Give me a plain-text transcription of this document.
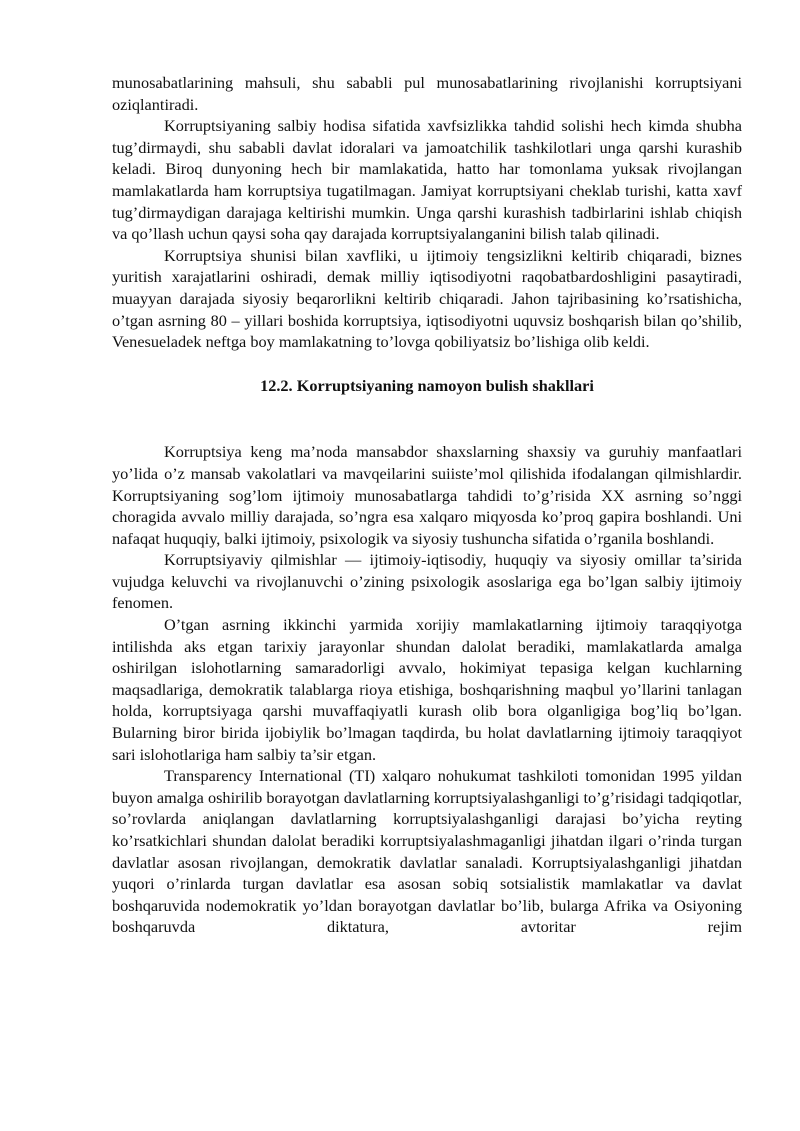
munosabatlarining mahsuli, shu sababli pul munosabatlarining rivojlanishi korruptsiyani oziqlantiradi.

Korruptsiyaning salbiy hodisa sifatida xavfsizlikka tahdid solishi hech kimda shubha tug’dirmaydi, shu sababli davlat idoralari va jamoatchilik tashkilotlari unga qarshi kurashib keladi. Biroq dunyoning hech bir mamlakatida, hatto har tomonlama yuksak rivojlangan mamlakatlarda ham korruptsiya tugatilmagan. Jamiyat korruptsiyani cheklab turishi, katta xavf tug’dirmaydigan darajaga keltirishi mumkin. Unga qarshi kurashish tadbirlarini ishlab chiqish va qo’llash uchun qaysi soha qay darajada korruptsiyalanganini bilish talab qilinadi.

Korruptsiya shunisi bilan xavfliki, u ijtimoiy tengsizlikni keltirib chiqaradi, biznes yuritish xarajatlarini oshiradi, demak milliy iqtisodiyotni raqobatbardoshligini pasaytiradi, muayyan darajada siyosiy beqarorlikni keltirib chiqaradi. Jahon tajribasining ko’rsatishicha, o’tgan asrning 80 – yillari boshida korruptsiya, iqtisodiyotni uquvsiz boshqarish bilan qo’shilib, Venesueladek neftga boy mamlakatning to’lovga qobiliyatsiz bo’lishiga olib keldi.

12.2. Korruptsiyaning namoyon bulish shakllari

Korruptsiya keng ma’noda mansabdor shaxslarning shaxsiy va guruhiy manfaatlari yo’lida o’z mansab vakolatlari va mavqeilarini suiiste’mol qilishida ifodalangan qilmishlardir. Korruptsiyaning sog’lom ijtimoiy munosabatlarga tahdidi to’g’risida XX asrning so’nggi choragida avvalo milliy darajada, so’ngra esa xalqaro miqyosda ko’proq gapira boshlandi. Uni nafaqat huquqiy, balki ijtimoiy, psixologik va siyosiy tushuncha sifatida o’rganila boshlandi.

Korruptsiyaviy qilmishlar — ijtimoiy-iqtisodiy, huquqiy va siyosiy omillar ta’sirida vujudga keluvchi va rivojlanuvchi o’zining psixologik asoslariga ega bo’lgan salbiy ijtimoiy fenomen.

O’tgan asrning ikkinchi yarmida xorijiy mamlakatlarning ijtimoiy taraqqiyotga intilishda aks etgan tarixiy jarayonlar shundan dalolat beradiki, mamlakatlarda amalga oshirilgan islohotlarning samaradorligi avvalo, hokimiyat tepasiga kelgan kuchlarning maqsadlariga, demokratik talablarga rioya etishiga, boshqarishning maqbul yo’llarini tanlagan holda, korruptsiyaga qarshi muvaffaqiyatli kurash olib bora olganligiga bog’liq bo’lgan. Bularning biror birida ijobiylik bo’lmagan taqdirda, bu holat davlatlarning ijtimoiy taraqqiyot sari islohotlariga ham salbiy ta’sir etgan.

Transparency International (TI) xalqaro nohukumat tashkiloti tomonidan 1995 yildan buyon amalga oshirilib borayotgan davlatlarning korruptsiyalashganligi to’g’risidagi tadqiqotlar, so’rovlarda aniqlangan davlatlarning korruptsiyalashganligi darajasi bo’yicha reyting ko’rsatkichlari shundan dalolat beradiki korruptsiyalashmaganligi jihatdan ilgari o’rinda turgan davlatlar asosan rivojlangan, demokratik davlatlar sanaladi. Korruptsiyalashganligi jihatdan yuqori o’rinlarda turgan davlatlar esa asosan sobiq sotsialistik mamlakatlar va davlat boshqaruvida nodemokratik yo’ldan borayotgan davlatlar bo’lib, bularga Afrika va Osiyoning boshqaruvda diktatura, avtoritar rejim
